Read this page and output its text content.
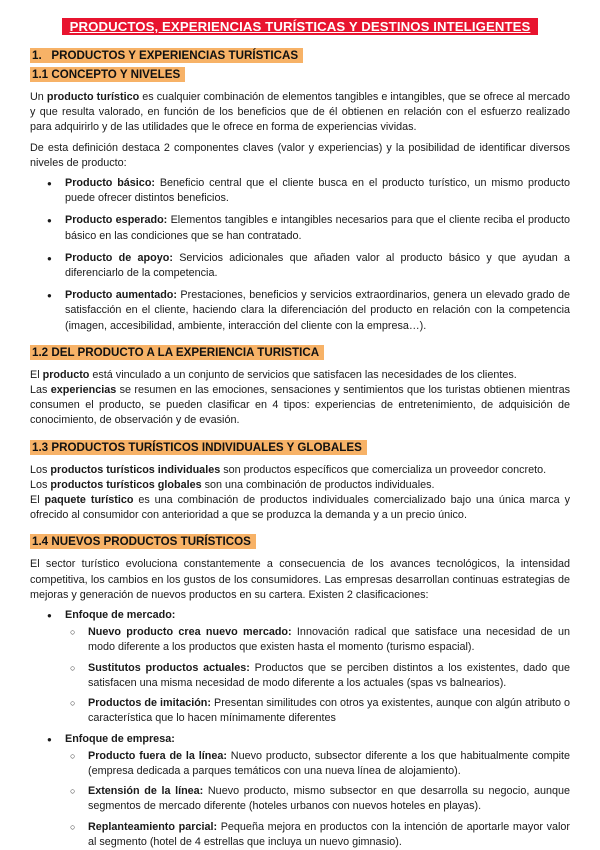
PRODUCTOS, EXPERIENCIAS TURÍSTICAS Y DESTINOS INTELIGENTES
1. PRODUCTOS Y EXPERIENCIAS TURÍSTICAS
1.1 CONCEPTO Y NIVELES

Un producto turístico es cualquier combinación de elementos tangibles e intangibles, que se ofrece al mercado y que resulta valorado, en función de los beneficios que de él obtienen en relación con el esfuerzo realizado para adquirirlo y de las utilidades que le ofrece en forma de experiencias vividas.

De esta definición destaca 2 componentes claves (valor y experiencias) y la posibilidad de identificar diversos niveles de producto:

● Producto básico: Beneficio central que el cliente busca en el producto turístico, un mismo producto puede ofrecer distintos beneficios.
● Producto esperado: Elementos tangibles e intangibles necesarios para que el cliente reciba el producto básico en las condiciones que se han contratado.
● Producto de apoyo: Servicios adicionales que añaden valor al producto básico y que ayudan a diferenciarlo de la competencia.
● Producto aumentado: Prestaciones, beneficios y servicios extraordinarios, genera un elevado grado de satisfacción en el cliente, haciendo clara la diferenciación del producto en relación con la competencia (imagen, accesibilidad, ambiente, interacción del cliente con la empresa…).
1.2 DEL PRODUCTO A LA EXPERIENCIA TURISTICA

El producto está vinculado a un conjunto de servicios que satisfacen las necesidades de los clientes.

Las experiencias se resumen en las emociones, sensaciones y sentimientos que los turistas obtienen mientras consumen el producto, se pueden clasificar en 4 tipos: experiencias de entretenimiento, de adquisición de conocimiento, de observación y de evasión.

1.3 PRODUCTOS TURÍSTICOS INDIVIDUALES Y GLOBALES

Los productos turísticos individuales son productos específicos que comercializa un proveedor concreto.

Los productos turísticos globales son una combinación de productos individuales.

El paquete turístico es una combinación de productos individuales comercializado bajo una única marca y ofrecido al consumidor con anterioridad a que se produzca la demanda y a un precio único.

1.4 NUEVOS PRODUCTOS TURÍSTICOS

El sector turístico evoluciona constantemente a consecuencia de los avances tecnológicos, la intensidad competitiva, los cambios en los gustos de los consumidores. Las empresas desarrollan continuas estrategias de mejoras y generación de nuevos productos en su cartera. Existen 2 clasificaciones:

● Enfoque de mercado:
○ Nuevo producto crea nuevo mercado: Innovación radical que satisface una necesidad de un modo diferente a los productos que existen hasta el momento (turismo espacial).
○ Sustitutos productos actuales: Productos que se perciben distintos a los existentes, dado que satisfacen una misma necesidad de modo diferente a los actuales (spas vs balnearios).
○ Productos de imitación: Presentan similitudes con otros ya existentes, aunque con algún atributo o característica que lo hacen mínimamente diferentes
● Enfoque de empresa:
○ Producto fuera de la línea: Nuevo producto, subsector diferente a los que habitualmente compite (empresa dedicada a parques temáticos con una nueva línea de alojamiento).
○ Extensión de la línea: Nuevo producto, mismo subsector en que desarrolla su negocio, aunque segmentos de mercado diferente (hoteles urbanos con nuevos hoteles en playas).
○ Replanteamiento parcial: Pequeña mejora en productos con la intención de aportarle mayor valor al segmento (hotel de 4 estrellas que incluya un nuevo gimnasio).
